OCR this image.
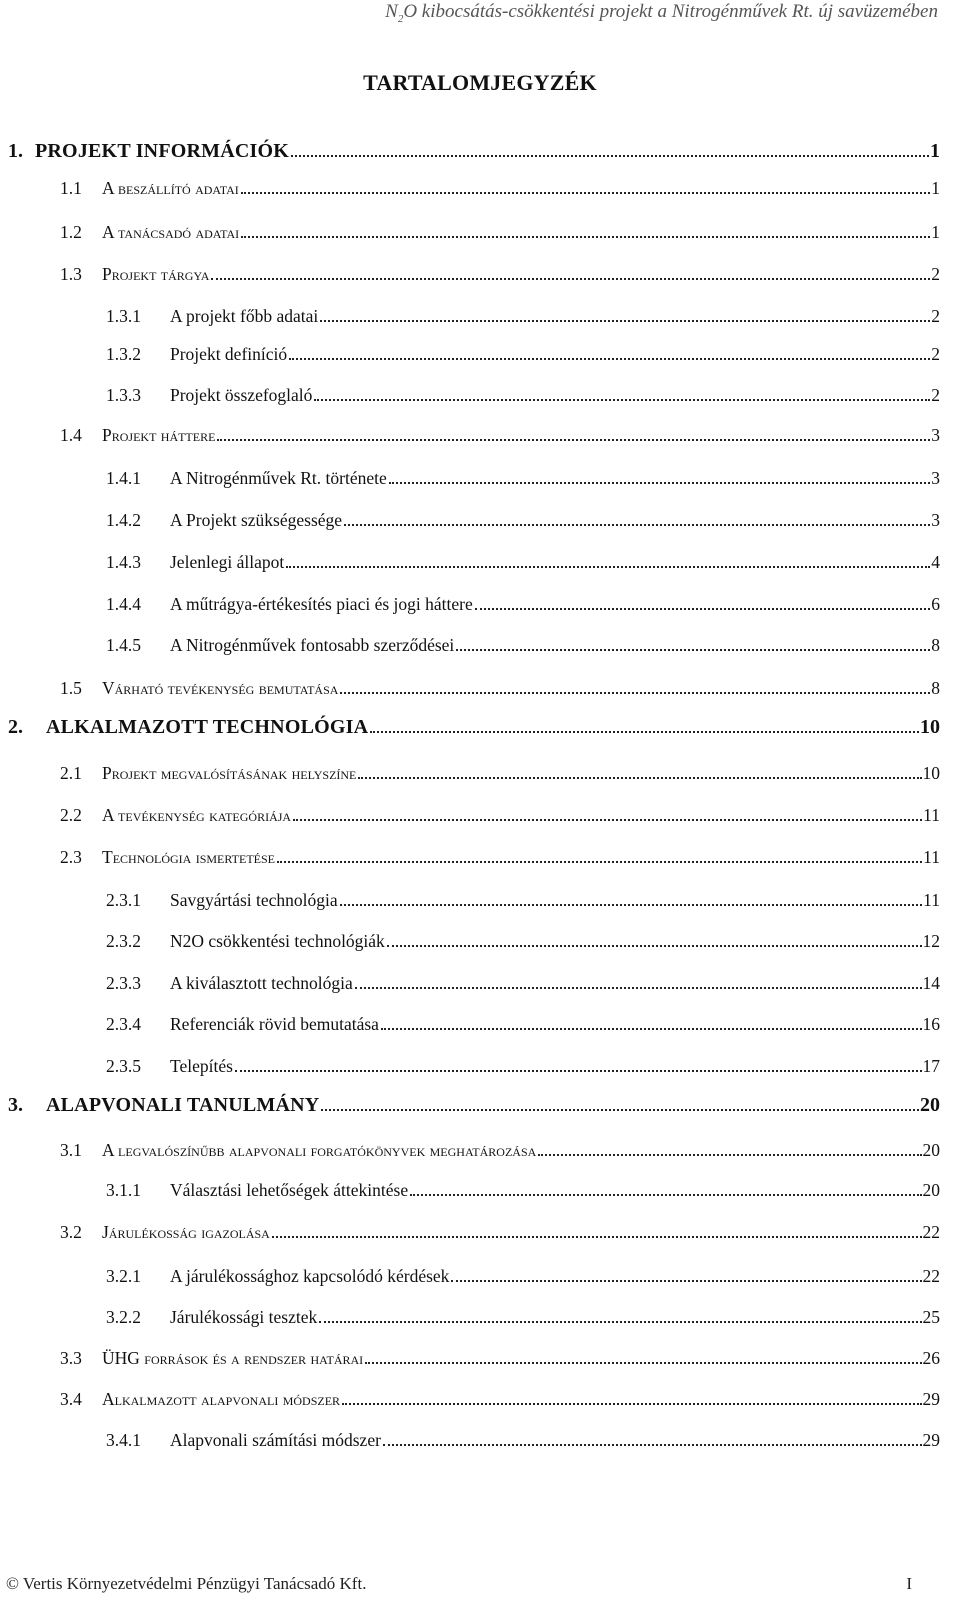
$N_2O$ kibocsátás-csökkentési projekt a Nitrogénművek Rt. új savüzemében
TARTALOMJEGYZÉK
1. PROJEKT INFORMÁCIÓK	1
1.1	A beszállító adatai	1
1.2	A tanácsadó adatai	1
1.3	Projekt tárgya	2
1.3.1	A projekt főbb adatai	2
1.3.2	Projekt definíció	2
1.3.3	Projekt összefoglaló	2
1.4	Projekt háttere	3
1.4.1	A Nitrogénművek Rt. története	3
1.4.2	A Projekt szükségessége	3
1.4.3	Jelenlegi állapot	4
1.4.4	A műtrágya-értékesítés piaci és jogi háttere	6
1.4.5	A Nitrogénművek fontosabb szerződései	8
1.5	Várható tevékenység bemutatása	8
2.	ALKALMAZOTT TECHNOLÓGIA	10
2.1	Projekt megvalósításának helyszíne	10
2.2	A tevékenység kategóriája	11
2.3	Technológia ismertetése	11
2.3.1	Savgyártási technológia	11
2.3.2	N2O csökkentési technológiák	12
2.3.3	A kiválasztott technológia	14
2.3.4	Referenciák rövid bemutatása	16
2.3.5	Telepítés	17
3.	ALAPVONALI TANULMÁNY	20
3.1	A legvalószínűbb alapvonali forgatókönyvek meghatározása	20
3.1.1	Választási lehetőségek áttekintése	20
3.2	Járulékosság igazolása	22
3.2.1	A járulékossághoz kapcsolódó kérdések	22
3.2.2	Járulékossági tesztek	25
3.3	ÜHG források és a rendszer határai	26
3.4	Alkalmazott alapvonali módszer	29
3.4.1	Alapvonali számítási módszer	29
© Vertis Környezetvédelmi Pénzügyi Tanácsadó Kft.	I
